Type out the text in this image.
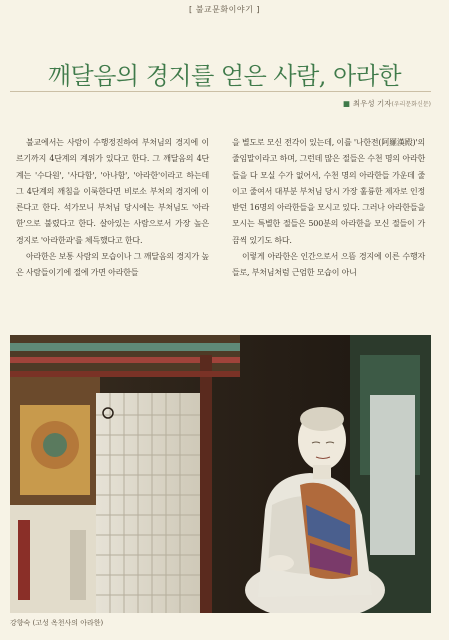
[ 불교문화이야기 ]
깨달음의 경지를 얻은 사람, 아라한
■ 최우성 기자(우리문화신문)

불교에서는 사람이 수행정진하여 부처님의 경지에 이르기까지 4단계의 계위가 있다고 한다. 그 깨달음의 4단계는 '수다원', '사다함', '아나함', '아라한'이라고 하는데 그 4단계의 깨침을 이룩한다면 비로소 부처의 경지에 이른다고 한다. 석가모니 부처님 당시에는 부처님도 '아라한'으로 불렸다고 한다. 살아있는 사람으로서 가장 높은 경지로 '아라한과'를 체득했다고 한다.

아라한은 보통 사람의 모습이나 그 깨달음의 경지가 높은 사람들이기에 절에 가면 아라한들

을 별도로 모신 전각이 있는데, 이를 '나한전(阿羅漢殿)'의 줄임말이라고 하며, 그런데 많은 절들은 수천 명의 아라한들을 다 모실 수가 없어서, 수천 명의 아라한들 가운데 줄이고 줄여서 대부분 부처님 당시 가장 훌륭한 제자로 인정받던 16명의 아라한들을 모시고 있다. 그러나 아라한들을 모시는 특별한 절들은 500분의 아라한을 모신 절들이 가끔씩 있기도 하다.

이렇게 아라한은 인간으로서 으뜸 경지에 이른 수행자들로, 부처님처럼 근엄한 모습이 아니

강향숙 (고성 옥천사의 아라한)
